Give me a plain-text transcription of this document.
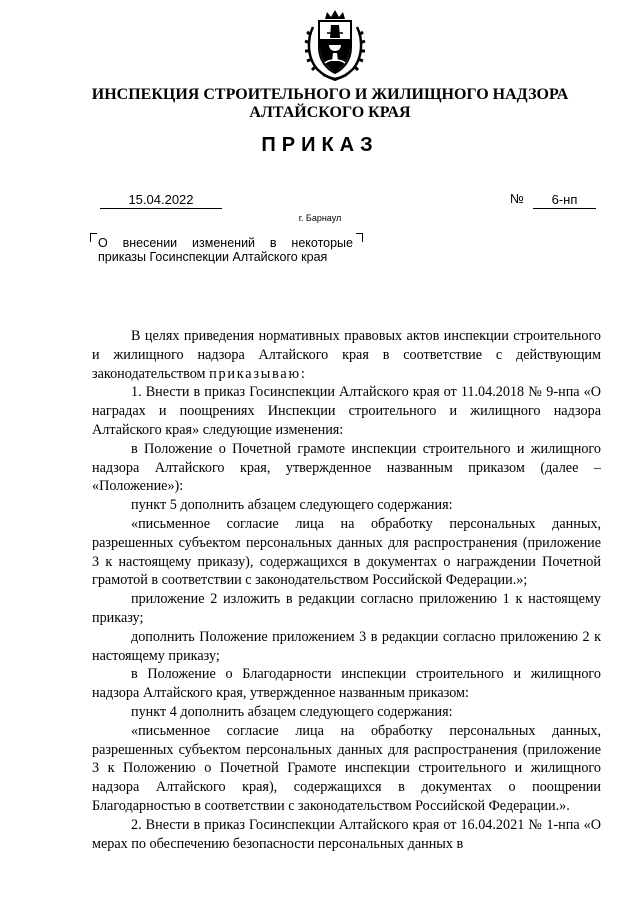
ИНСПЕКЦИЯ СТРОИТЕЛЬНОГО И ЖИЛИЩНОГО НАДЗОРА
АЛТАЙСКОГО КРАЯ
ПРИКАЗ
15.04.2022	№	6-нп
г. Барнаул
О внесении изменений в некоторые приказы Госинспекции Алтайского края

В целях приведения нормативных правовых актов инспекции строительного и жилищного надзора Алтайского края в соответствие с действующим законодательством приказываю:

1. Внести в приказ Госинспекции Алтайского края от 11.04.2018 № 9-нпа «О наградах и поощрениях Инспекции строительного и жилищного надзора Алтайского края» следующие изменения:

в Положение о Почетной грамоте инспекции строительного и жилищного надзора Алтайского края, утвержденное названным приказом (далее – «Положение»):

пункт 5 дополнить абзацем следующего содержания:

«письменное согласие лица на обработку персональных данных, разрешенных субъектом персональных данных для распространения (приложение 3 к настоящему приказу), содержащихся в документах о награждении Почетной грамотой в соответствии с законодательством Российской Федерации.»;

приложение 2 изложить в редакции согласно приложению 1 к настоящему приказу;

дополнить Положение приложением 3 в редакции согласно приложению 2 к настоящему приказу;

в Положение о Благодарности инспекции строительного и жилищного надзора Алтайского края, утвержденное названным приказом:

пункт 4 дополнить абзацем следующего содержания:

«письменное согласие лица на обработку персональных данных, разрешенных субъектом персональных данных для распространения (приложение 3 к Положению о Почетной Грамоте инспекции строительного и жилищного надзора Алтайского края), содержащихся в документах о поощрении Благодарностью в соответствии с законодательством Российской Федерации.».

2. Внести в приказ Госинспекции Алтайского края от 16.04.2021 № 1-нпа «О мерах по обеспечению безопасности персональных данных в
